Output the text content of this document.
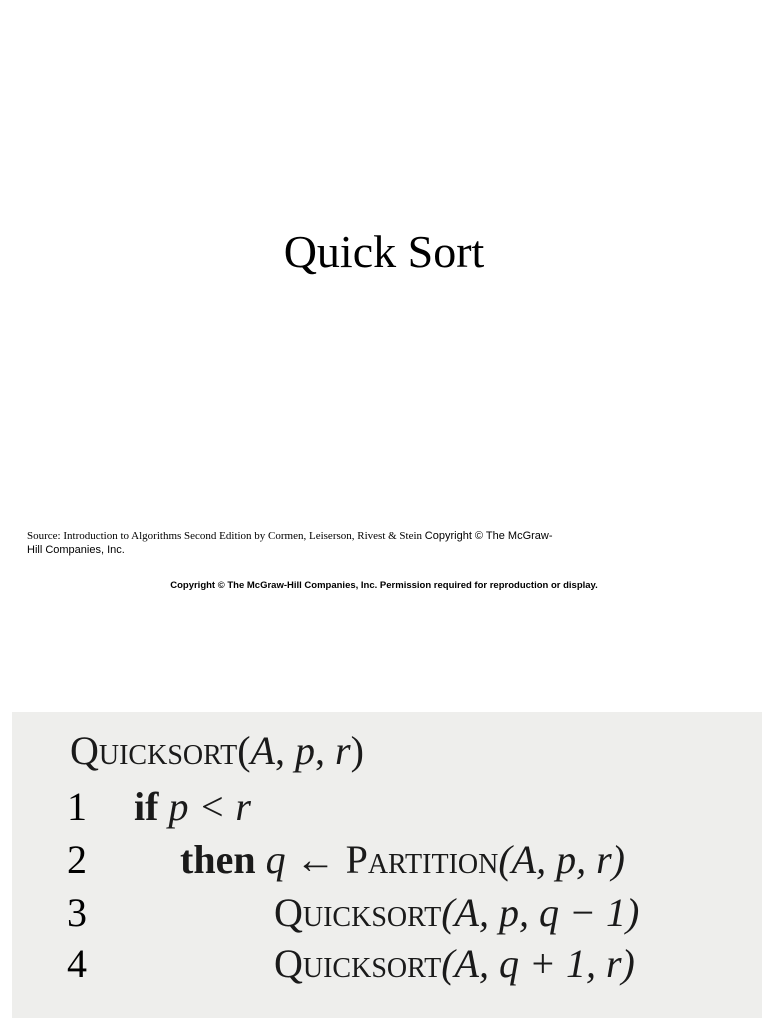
Quick Sort
Source: Introduction to Algorithms Second Edition by Cormen, Leiserson, Rivest & Stein Copyright © The McGraw-Hill Companies, Inc.
Copyright © The McGraw-Hill Companies, Inc. Permission required for reproduction or display.
Quicksort(A, p, r)
1 if p < r
2 then q ← Partition(A, p, r)
3	Quicksort(A, p, q − 1)
4	Quicksort(A, q + 1, r)
